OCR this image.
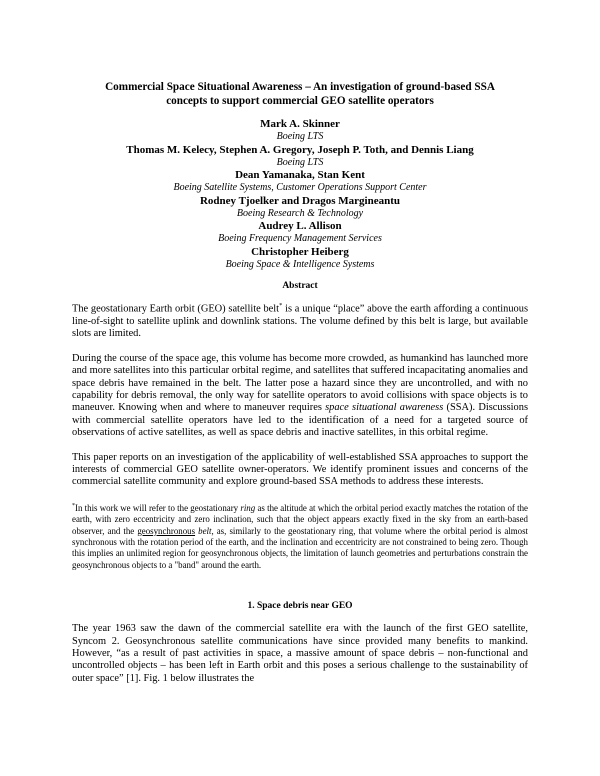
Commercial Space Situational Awareness – An investigation of ground-based SSA
concepts to support commercial GEO satellite operators

Mark A. Skinner

Boeing LTS

Thomas M. Kelecy, Stephen A. Gregory, Joseph P. Toth, and Dennis Liang

Boeing LTS

Dean Yamanaka, Stan Kent

Boeing Satellite Systems, Customer Operations Support Center

Rodney Tjoelker and Dragos Margineantu

Boeing Research & Technology

Audrey L. Allison

Boeing Frequency Management Services

Christopher Heiberg

Boeing Space & Intelligence Systems

Abstract

The geostationary Earth orbit (GEO) satellite belt* is a unique “place” above the earth affording a continuous line-of-sight to satellite uplink and downlink stations. The volume defined by this belt is large, but available slots are limited.

During the course of the space age, this volume has become more crowded, as humankind has launched more and more satellites into this particular orbital regime, and satellites that suffered incapacitating anomalies and space debris have remained in the belt. The latter pose a hazard since they are uncontrolled, and with no capability for debris removal, the only way for satellite operators to avoid collisions with space objects is to maneuver. Knowing when and where to maneuver requires space situational awareness (SSA). Discussions with commercial satellite operators have led to the identification of a need for a targeted source of observations of active satellites, as well as space debris and inactive satellites, in this orbital regime.

This paper reports on an investigation of the applicability of well-established SSA approaches to support the interests of commercial GEO satellite owner-operators. We identify prominent issues and concerns of the commercial satellite community and explore ground-based SSA methods to address these interests.

*In this work we will refer to the geostationary ring as the altitude at which the orbital period exactly matches the rotation of the earth, with zero eccentricity and zero inclination, such that the object appears exactly fixed in the sky from an earth-based observer, and the geosynchronous belt, as, similarly to the geostationary ring, that volume where the orbital period is almost synchronous with the rotation period of the earth, and the inclination and eccentricity are not constrained to being zero. Though this implies an unlimited region for geosynchronous objects, the limitation of launch geometries and perturbations constrain the geosynchronous objects to a "band" around the earth.

1. Space debris near GEO

The year 1963 saw the dawn of the commercial satellite era with the launch of the first GEO satellite, Syncom 2. Geosynchronous satellite communications have since provided many benefits to mankind. However, “as a result of past activities in space, a massive amount of space debris – non-functional and uncontrolled objects – has been left in Earth orbit and this poses a serious challenge to the sustainability of outer space” [1]. Fig. 1 below illustrates the
